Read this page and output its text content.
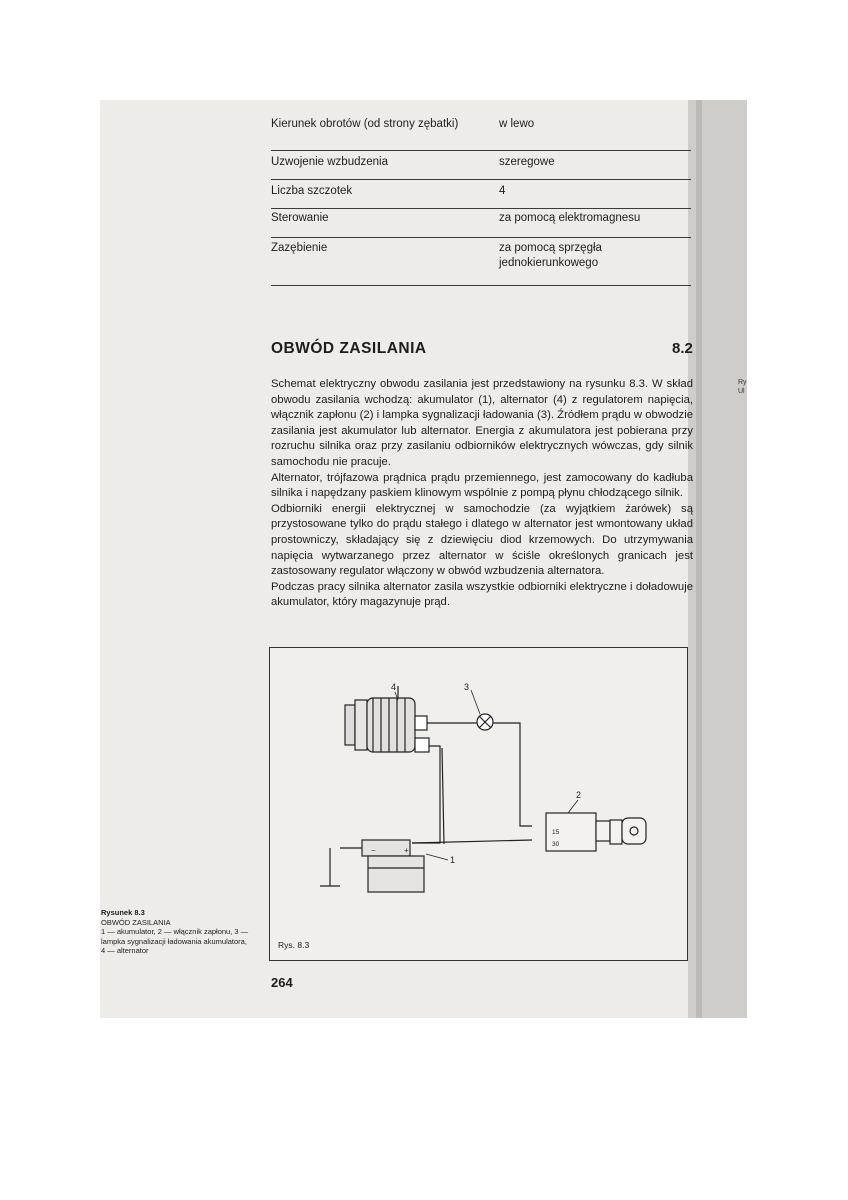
Kierunek obrotów (od strony zębatki)	w lewo
Uzwojenie wzbudzenia	szeregowe
Liczba szczotek	4
Sterowanie	za pomocą elektromagnesu
Zazębienie	za pomocą sprzęgła jednokierunkowego
OBWÓD ZASILANIA	8.2

Schemat elektryczny obwodu zasilania jest przedstawiony na rysunku 8.3. W skład obwodu zasilania wchodzą: akumulator (1), alternator (4) z regulatorem napięcia, włącznik zapłonu (2) i lampka sygnalizacji ładowania (3). Źródłem prądu w obwodzie zasilania jest akumulator lub alternator. Energia z akumulatora jest pobierana przy rozruchu silnika oraz przy zasilaniu odbiorników elektrycznych wówczas, gdy silnik samochodu nie pracuje.

Alternator, trójfazowa prądnica prądu przemiennego, jest zamocowany do kadłuba silnika i napędzany paskiem klinowym wspólnie z pompą płynu chłodzącego silnik.

Odbiorniki energii elektrycznej w samochodzie (za wyjątkiem żarówek) są przystosowane tylko do prądu stałego i dlatego w alternator jest wmontowany układ prostowniczy, składający się z dziewięciu diod krzemowych. Do utrzymywania napięcia wytwarzanego przez alternator w ściśle określonych granicach jest zastosowany regulator włączony w obwód wzbudzenia alternatora.

Podczas pracy silnika alternator zasila wszystkie odbiorniki elektryczne i doładowuje akumulator, który magazynuje prąd.

4	3
2
1
15
30
+
−
Rys. 8.3
Rysunek 8.3
OBWÓD ZASILANIA
1 — akumulator, 2 — włącznik zapłonu, 3 — lampka sygnalizacji ładowania akumulatora, 4 — alternator
264
Ry
Ul
